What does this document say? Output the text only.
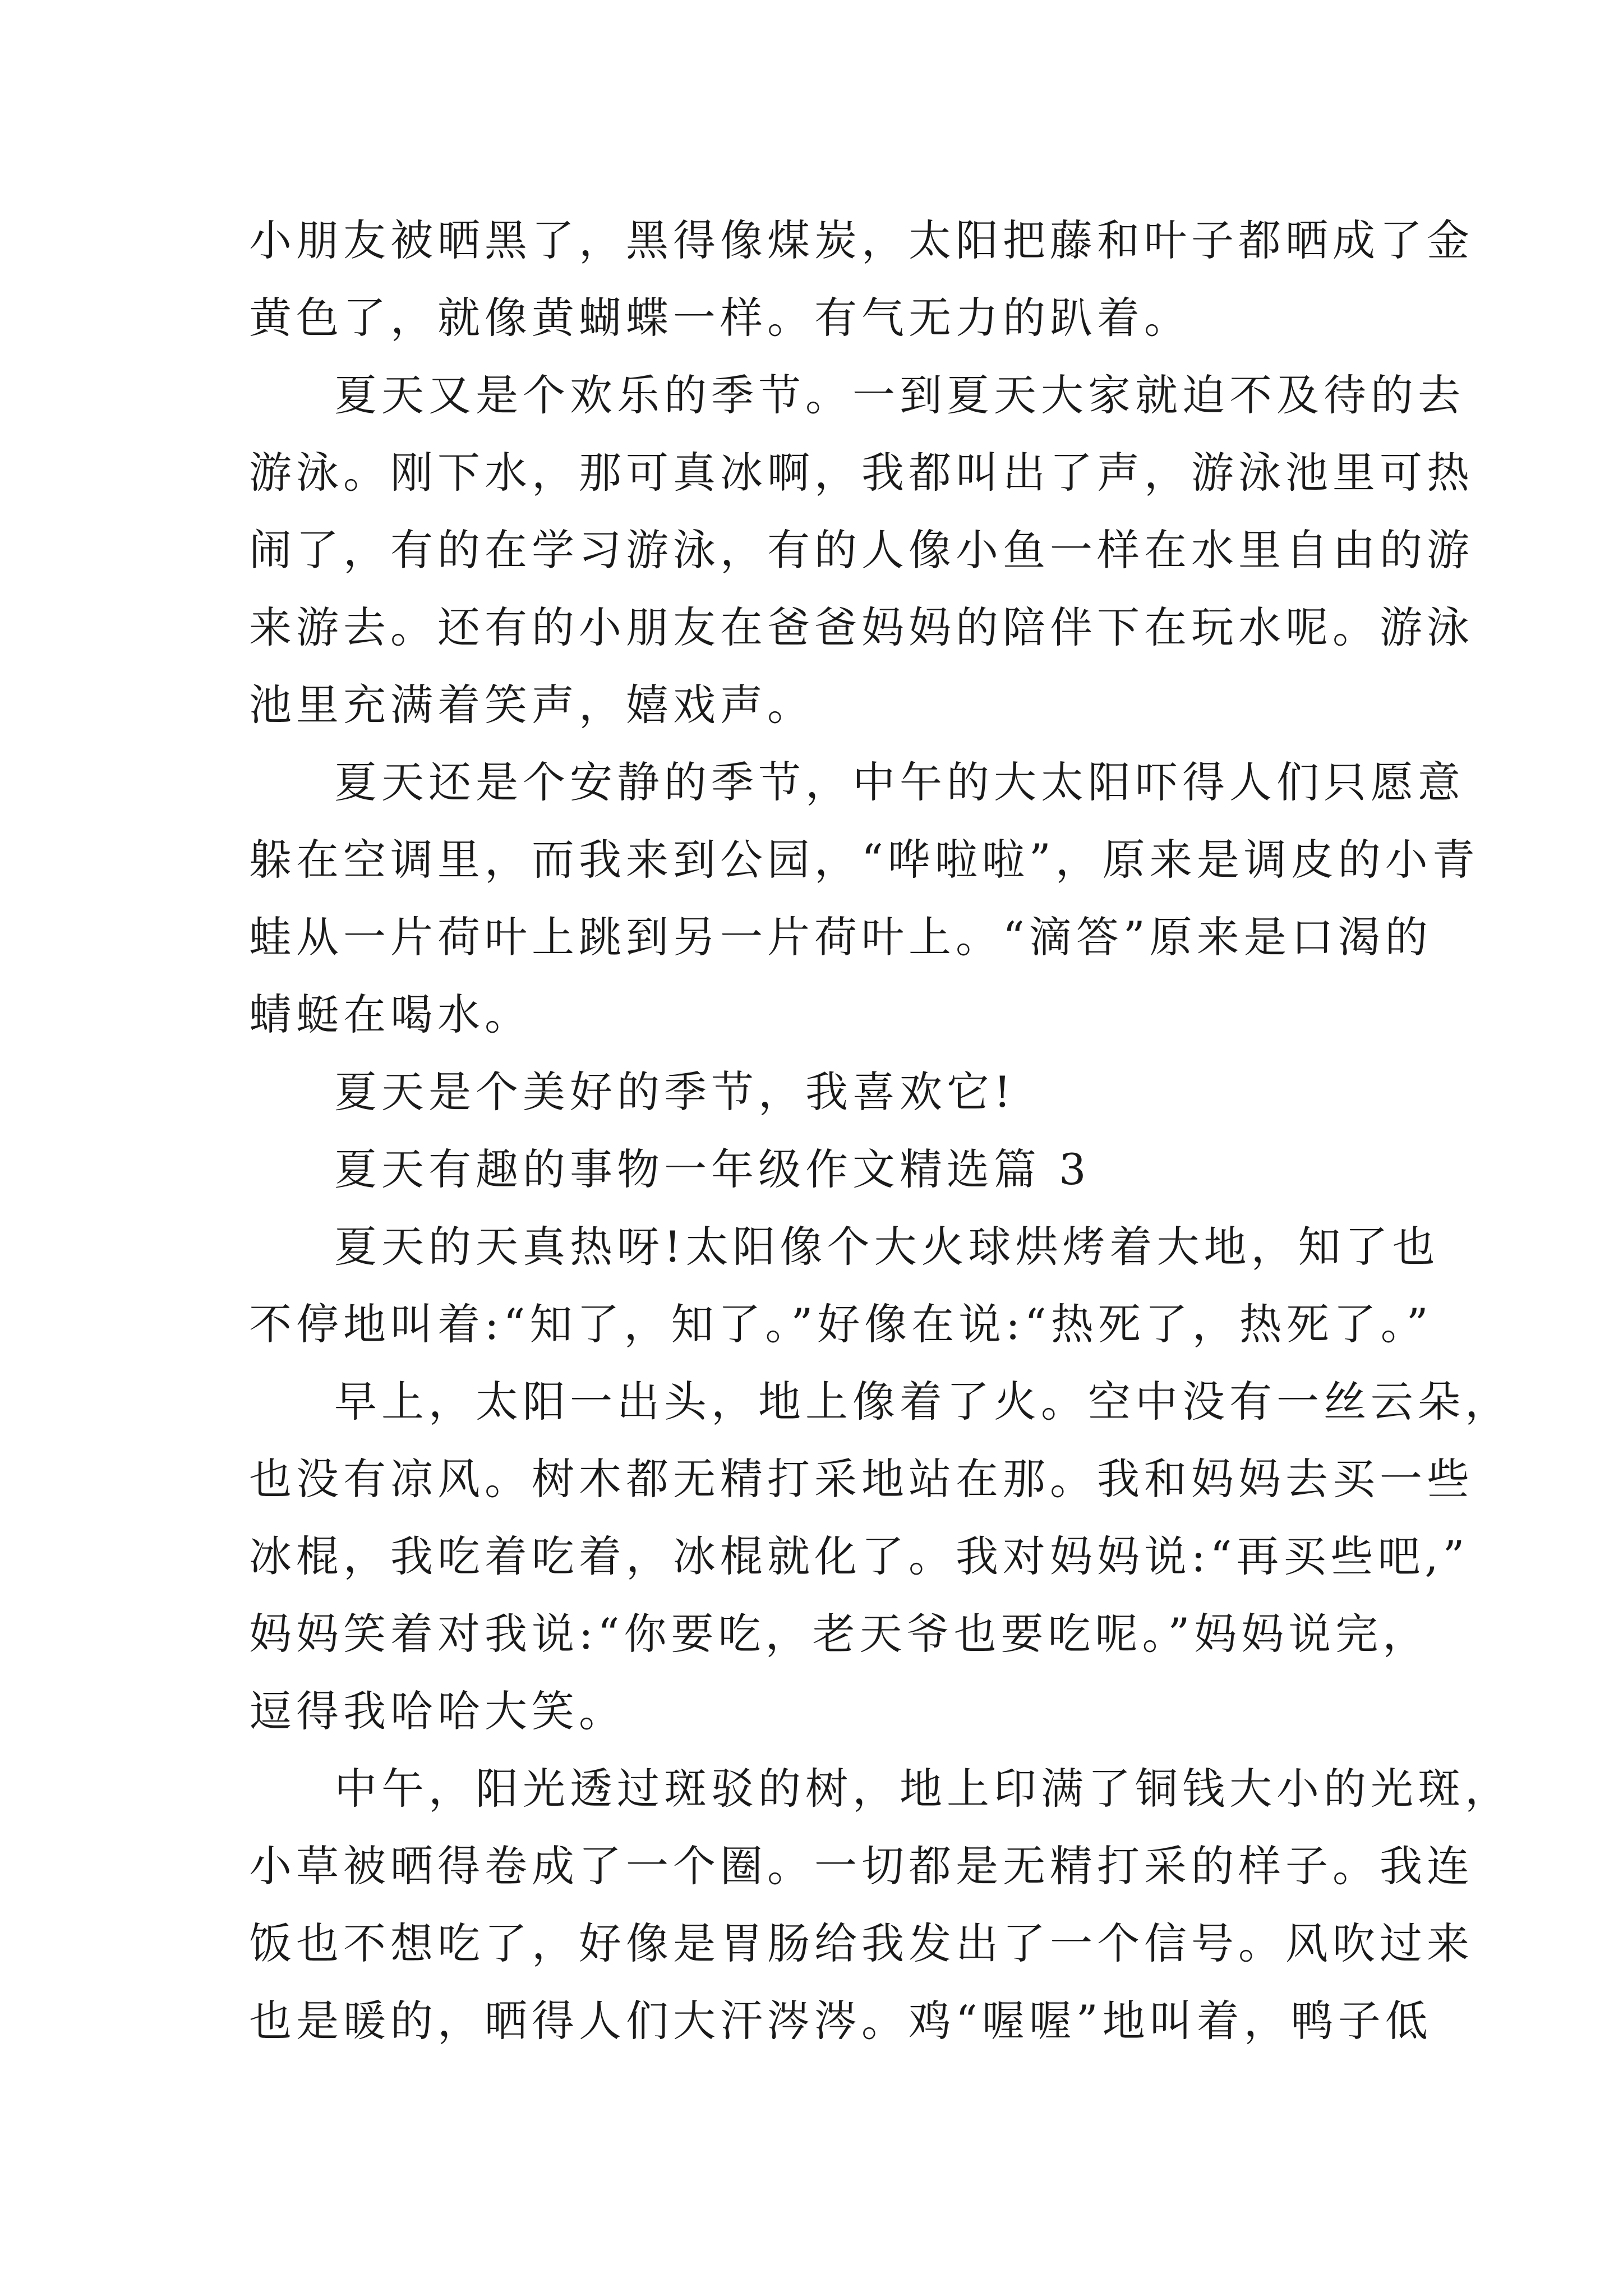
小朋友被晒黑了，黑得像煤炭，太阳把藤和叶子都晒成了金
黄色了，就像黄蝴蝶一样。有气无力的趴着。
夏天又是个欢乐的季节。一到夏天大家就迫不及待的去
游泳。刚下水，那可真冰啊，我都叫出了声，游泳池里可热
闹了，有的在学习游泳，有的人像小鱼一样在水里自由的游
来游去。还有的小朋友在爸爸妈妈的陪伴下在玩水呢。游泳
池里充满着笑声，嬉戏声。
夏天还是个安静的季节，中午的大太阳吓得人们只愿意
躲在空调里，而我来到公园，“哗啦啦”，原来是调皮的小青
蛙从一片荷叶上跳到另一片荷叶上。“滴答”原来是口渴的
蜻蜓在喝水。
夏天是个美好的季节，我喜欢它!
夏天有趣的事物一年级作文精选篇 3
夏天的天真热呀!太阳像个大火球烘烤着大地，知了也
不停地叫着:“知了，知了。”好像在说:“热死了，热死了。”
早上，太阳一出头，地上像着了火。空中没有一丝云朵，
也没有凉风。树木都无精打采地站在那。我和妈妈去买一些
冰棍，我吃着吃着，冰棍就化了。我对妈妈说:“再买些吧,”
妈妈笑着对我说:“你要吃，老天爷也要吃呢。”妈妈说完，
逗得我哈哈大笑。
中午，阳光透过斑驳的树，地上印满了铜钱大小的光斑，
小草被晒得卷成了一个圈。一切都是无精打采的样子。我连
饭也不想吃了，好像是胃肠给我发出了一个信号。风吹过来
也是暖的，晒得人们大汗涔涔。鸡“喔喔”地叫着，鸭子低
